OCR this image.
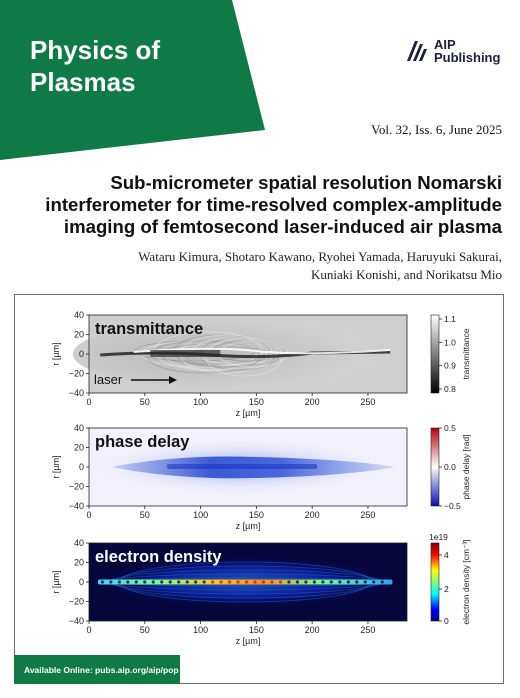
Physics of
Plasmas
AIP
Publishing
Vol. 32, Iss. 6, June 2025
Sub-micrometer spatial resolution Nomarski
interferometer for time-resolved complex-amplitude
imaging of femtosecond laser-induced air plasma
Wataru Kimura, Shotaro Kawano, Ryohei Yamada, Haruyuki Sakurai,
Kuniaki Konishi, and Norikatsu Mio
transmittance
40
20
0
−20
−40
r [µm]
0	50	100	150	200	250
z [µm]
1.1
1.0
0.9
0.8
transmittance
phase delay
40
20
0
−20
−40
r [µm]
0	50	100	150	200	250
z [µm]
0.5
0.0
−0.5
phase delay [rad]
electron density
40
20
0
−20
−40
r [µm]
0	50	100	150	200	250
z [µm]
4
2
0
1e19
electron density [cm⁻³]
laser
Available Online: pubs.aip.org/aip/pop
